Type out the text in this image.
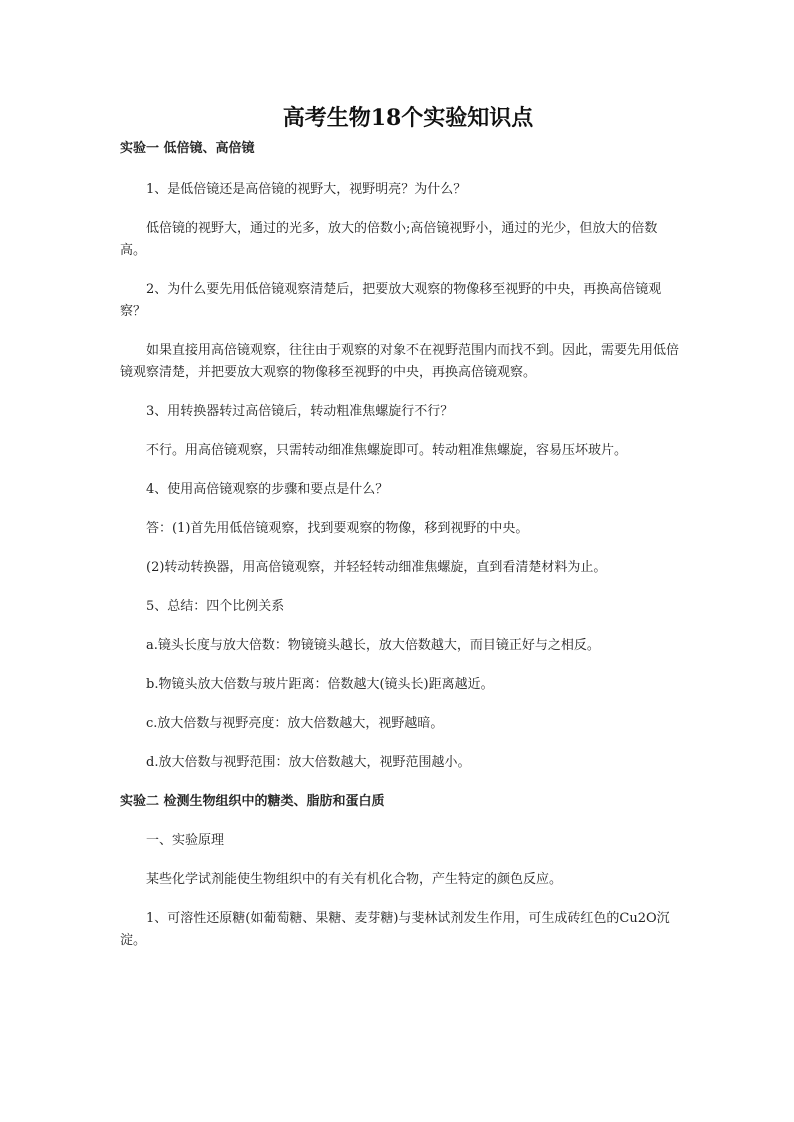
高考生物18个实验知识点

实验一 低倍镜、高倍镜

1、是低倍镜还是高倍镜的视野大，视野明亮？为什么？

低倍镜的视野大，通过的光多，放大的倍数小;高倍镜视野小，通过的光少，但放大的倍数高。

2、为什么要先用低倍镜观察清楚后，把要放大观察的物像移至视野的中央，再换高倍镜观察？

如果直接用高倍镜观察，往往由于观察的对象不在视野范围内而找不到。因此，需要先用低倍镜观察清楚，并把要放大观察的物像移至视野的中央，再换高倍镜观察。

3、用转换器转过高倍镜后，转动粗准焦螺旋行不行？

不行。用高倍镜观察，只需转动细准焦螺旋即可。转动粗准焦螺旋，容易压坏玻片。

4、使用高倍镜观察的步骤和要点是什么？

答：(1)首先用低倍镜观察，找到要观察的物像，移到视野的中央。

(2)转动转换器，用高倍镜观察，并轻轻转动细准焦螺旋，直到看清楚材料为止。

5、总结：四个比例关系

a.镜头长度与放大倍数：物镜镜头越长，放大倍数越大，而目镜正好与之相反。

b.物镜头放大倍数与玻片距离：倍数越大(镜头长)距离越近。

c.放大倍数与视野亮度：放大倍数越大，视野越暗。

d.放大倍数与视野范围：放大倍数越大，视野范围越小。

实验二 检测生物组织中的糖类、脂肪和蛋白质

一、实验原理

某些化学试剂能使生物组织中的有关有机化合物，产生特定的颜色反应。

1、可溶性还原糖(如葡萄糖、果糖、麦芽糖)与斐林试剂发生作用，可生成砖红色的Cu2O沉淀。
